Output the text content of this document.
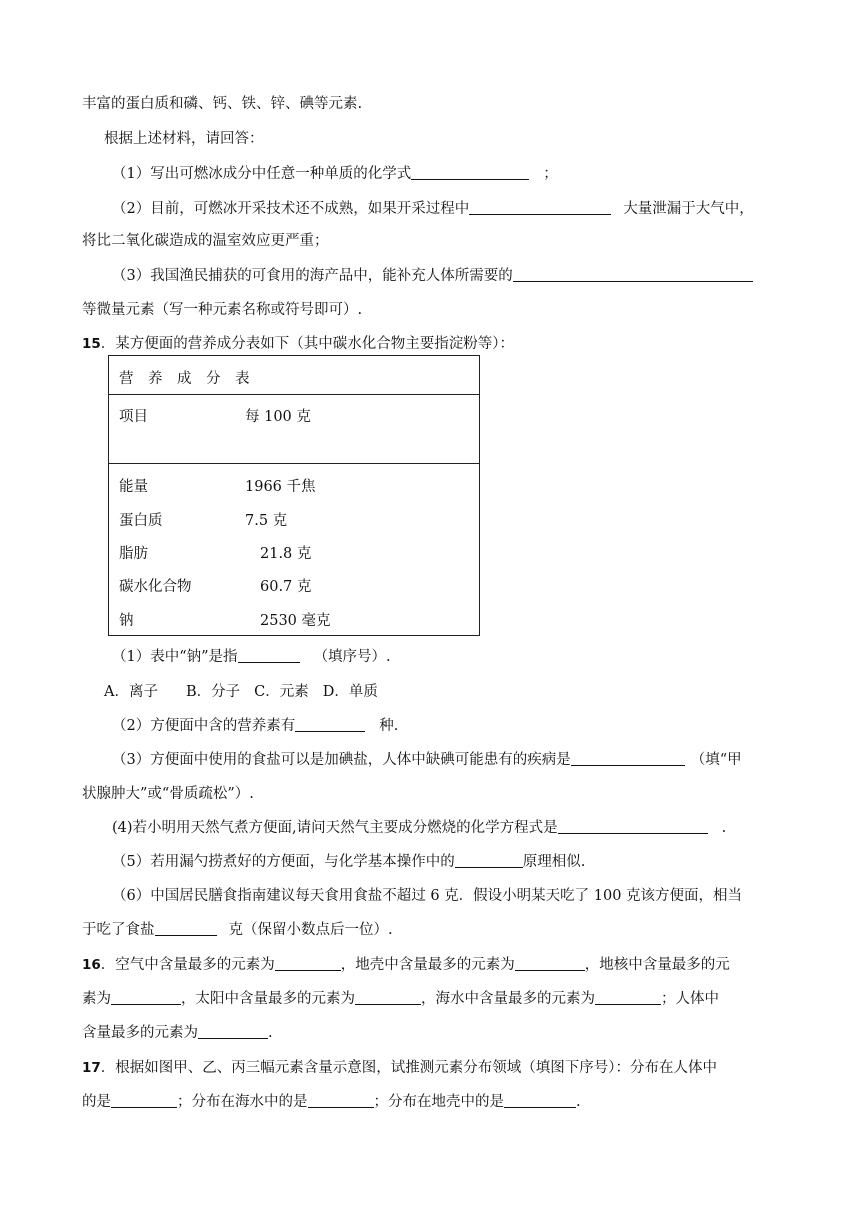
丰富的蛋白质和磷、钙、铁、锌、碘等元素.
根据上述材料，请回答：
（1）写出可燃冰成分中任意一种单质的化学式	；
（2）目前，可燃冰开采技术还不成熟，如果开采过程中	大量泄漏于大气中，
将比二氧化碳造成的温室效应更严重；
（3）我国渔民捕获的可食用的海产品中，能补充人体所需要的
等微量元素（写一种元素名称或符号即可）.
15．某方便面的营养成分表如下（其中碳水化合物主要指淀粉等）：
营　养　成　分　表
项目	每 100 克
能量	1966 千焦
蛋白质	7.5 克
脂肪	21.8 克
碳水化合物	60.7 克
钠	2530 毫克
（1）表中“钠”是指	（填序号）.
A．离子 B．分子 C．元素 D．单质
（2）方便面中含的营养素有	种.
（3）方便面中使用的食盐可以是加碘盐，人体中缺碘可能患有的疾病是	（填“甲
状腺肿大”或“骨质疏松”）.
(4)若小明用天然气煮方便面,请问天然气主要成分燃烧的化学方程式是	.
（5）若用漏勺捞煮好的方便面，与化学基本操作中的	原理相似.
（6）中国居民膳食指南建议每天食用食盐不超过 6 克．假设小明某天吃了 100 克该方便面，相当
于吃了食盐	克（保留小数点后一位）.
16．空气中含量最多的元素为	，地壳中含量最多的元素为	，地核中含量最多的元
素为	，太阳中含量最多的元素为	，海水中含量最多的元素为	；人体中
含量最多的元素为	.
17．根据如图甲、乙、丙三幅元素含量示意图，试推测元素分布领域（填图下序号）：分布在人体中
的是	；分布在海水中的是	；分布在地壳中的是	.
